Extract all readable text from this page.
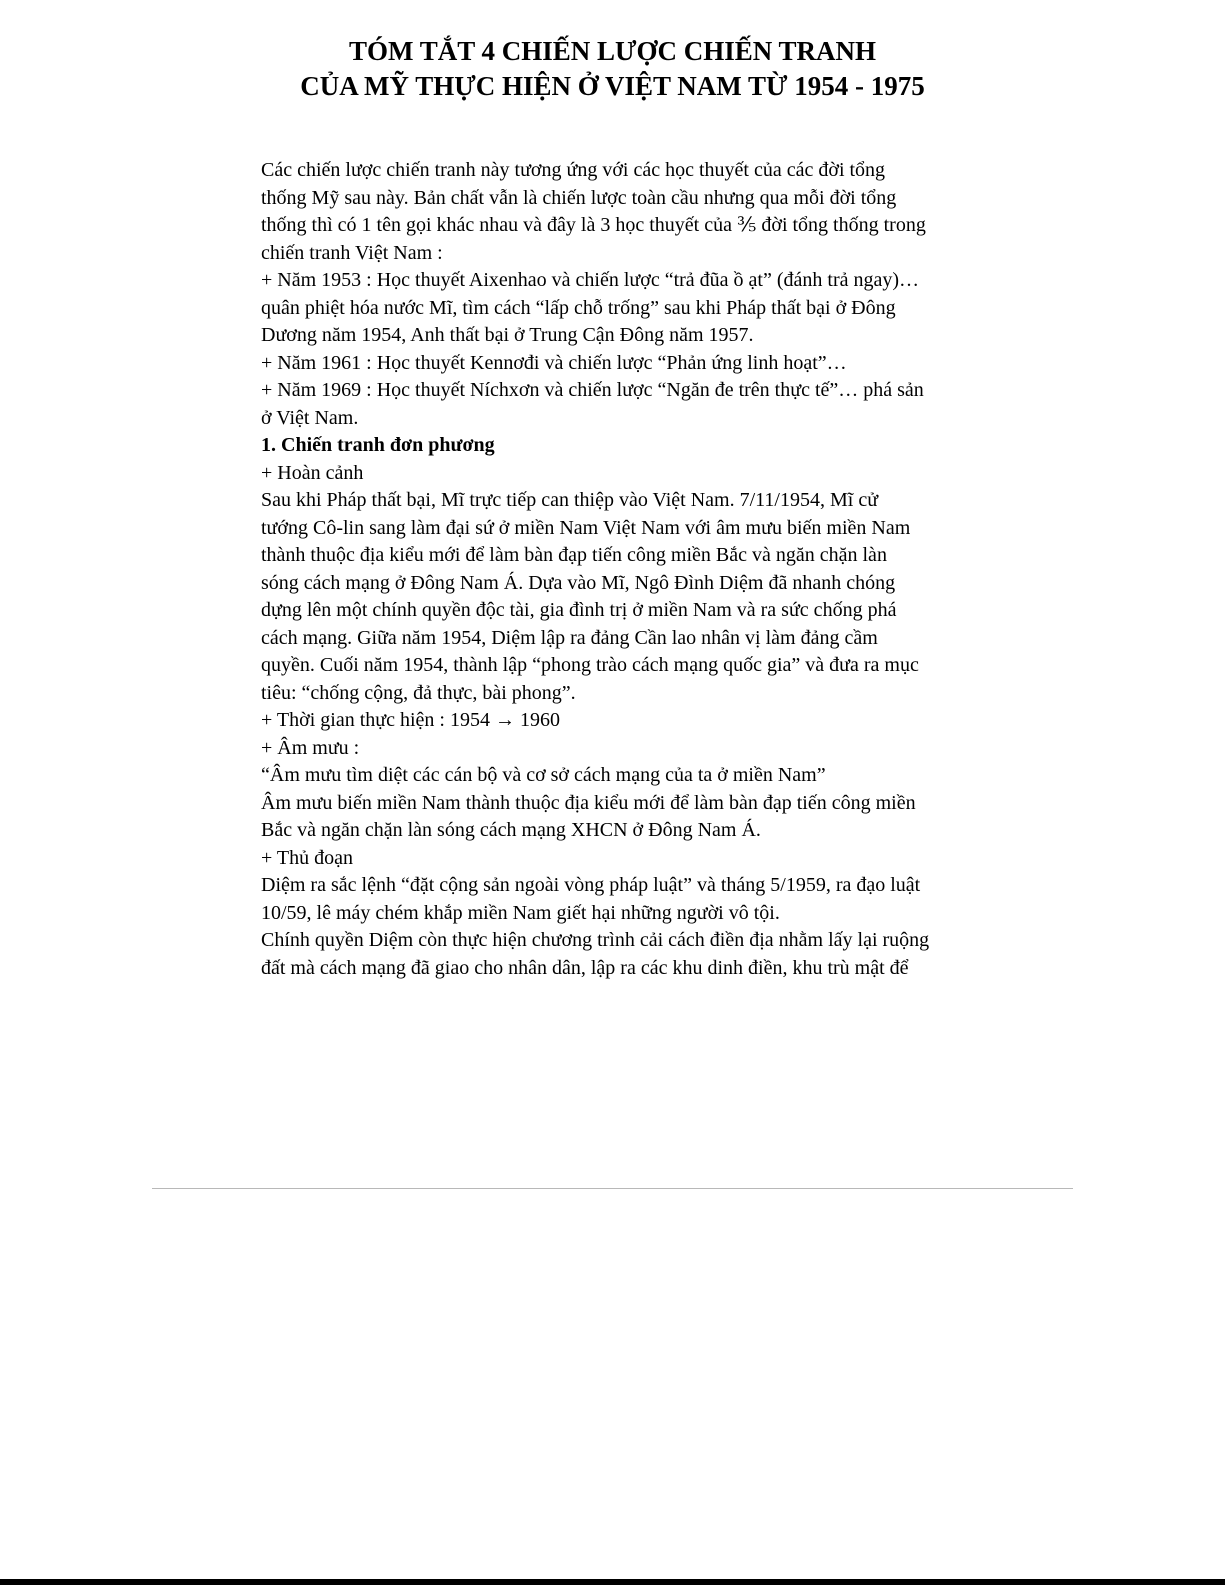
TÓM TẮT 4 CHIẾN LƯỢC CHIẾN TRANH
CỦA MỸ THỰC HIỆN Ở VIỆT NAM TỪ 1954 - 1975
Các chiến lược chiến tranh này tương ứng với các học thuyết của các đời tổng
thống Mỹ sau này. Bản chất vẫn là chiến lược toàn cầu nhưng qua mỗi đời tổng
thống thì có 1 tên gọi khác nhau và đây là 3 học thuyết của ⅗ đời tổng thống trong
chiến tranh Việt Nam :
+ Năm 1953 : Học thuyết Aixenhao và chiến lược “trả đũa ồ ạt” (đánh trả ngay)…
quân phiệt hóa nước Mĩ, tìm cách “lấp chỗ trống” sau khi Pháp thất bại ở Đông
Dương năm 1954, Anh thất bại ở Trung Cận Đông năm 1957.
+ Năm 1961 : Học thuyết Kennơđi và chiến lược “Phản ứng linh hoạt”…
+ Năm 1969 : Học thuyết Níchxơn và chiến lược “Ngăn đe trên thực tế”… phá sản
ở Việt Nam.
1. Chiến tranh đơn phương
+ Hoàn cảnh
Sau khi Pháp thất bại, Mĩ trực tiếp can thiệp vào Việt Nam. 7/11/1954, Mĩ cử
tướng Cô-lin sang làm đại sứ ở miền Nam Việt Nam với âm mưu biến miền Nam
thành thuộc địa kiểu mới để làm bàn đạp tiến công miền Bắc và ngăn chặn làn
sóng cách mạng ở Đông Nam Á. Dựa vào Mĩ, Ngô Đình Diệm đã nhanh chóng
dựng lên một chính quyền độc tài, gia đình trị ở miền Nam và ra sức chống phá
cách mạng. Giữa năm 1954, Diệm lập ra đảng Cần lao nhân vị làm đảng cầm
quyền. Cuối năm 1954, thành lập “phong trào cách mạng quốc gia” và đưa ra mục
tiêu: “chống cộng, đả thực, bài phong”.
+ Thời gian thực hiện : 1954 → 1960
+ Âm mưu :
“Âm mưu tìm diệt các cán bộ và cơ sở cách mạng của ta ở miền Nam”
Âm mưu biến miền Nam thành thuộc địa kiểu mới để làm bàn đạp tiến công miền
Bắc và ngăn chặn làn sóng cách mạng XHCN ở Đông Nam Á.
+ Thủ đoạn
Diệm ra sắc lệnh “đặt cộng sản ngoài vòng pháp luật” và tháng 5/1959, ra đạo luật
10/59, lê máy chém khắp miền Nam giết hại những người vô tội.
Chính quyền Diệm còn thực hiện chương trình cải cách điền địa nhằm lấy lại ruộng
đất mà cách mạng đã giao cho nhân dân, lập ra các khu dinh điền, khu trù mật để
